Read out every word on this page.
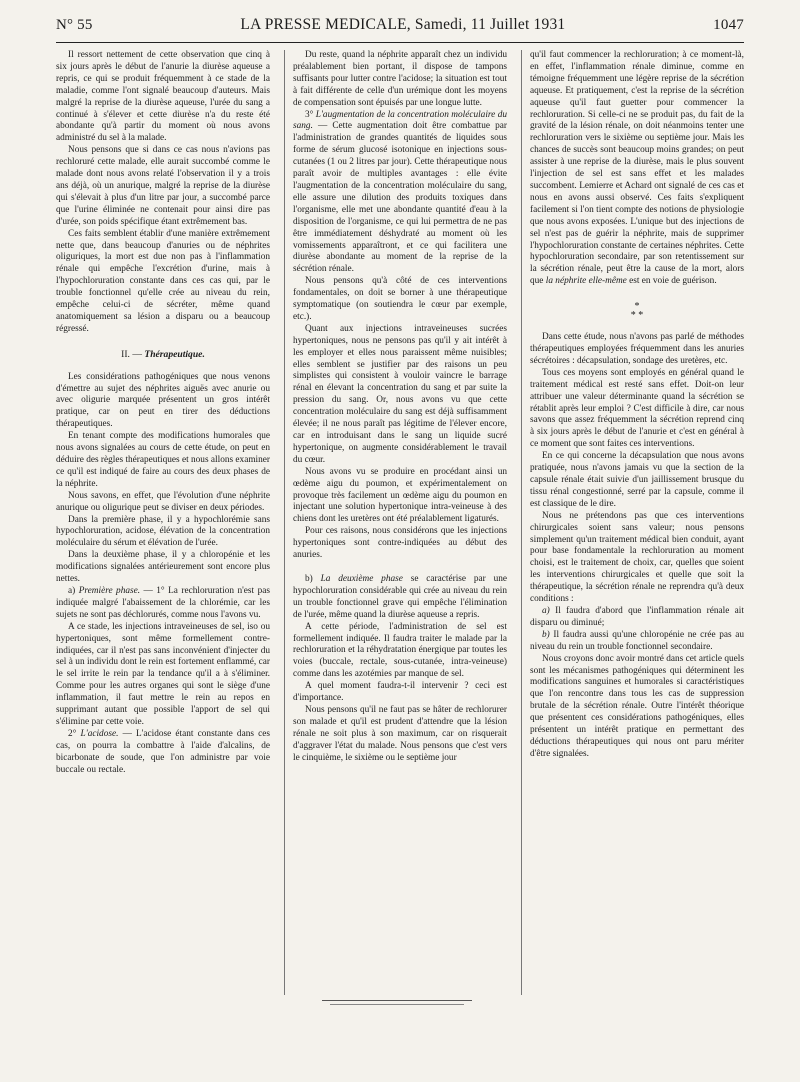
N° 55	LA PRESSE MEDICALE, Samedi, 11 Juillet 1931	1047

Il ressort nettement de cette observation que cinq à six jours après le début de l'anurie la diurèse aqueuse a repris, ce qui se produit fréquemment à ce stade de la maladie, comme l'ont signalé beaucoup d'auteurs. Mais malgré la reprise de la diurèse aqueuse, l'urée du sang a continué à s'élever et cette diurèse n'a du reste été abondante qu'à partir du moment où nous avons administré du sel à la malade.

Nous pensons que si dans ce cas nous n'avions pas rechloruré cette malade, elle aurait succombé comme le malade dont nous avons relaté l'observation il y a trois ans déjà, où un anurique, malgré la reprise de la diurèse qui s'élevait à plus d'un litre par jour, a succombé parce que l'urine éliminée ne contenait pour ainsi dire pas d'urée, son poids spécifique étant extrêmement bas.

Ces faits semblent établir d'une manière extrêmement nette que, dans beaucoup d'anuries ou de néphrites oliguriques, la mort est due non pas à l'inflammation rénale qui empêche l'excrétion d'urine, mais à l'hypochloruration constante dans ces cas qui, par le trouble fonctionnel qu'elle crée au niveau du rein, empêche celui-ci de sécréter, même quand anatomiquement sa lésion a disparu ou a beaucoup régressé.

II. — Thérapeutique.

Les considérations pathogéniques que nous venons d'émettre au sujet des néphrites aiguës avec anurie ou avec oligurie marquée présentent un gros intérêt pratique, car on peut en tirer des déductions thérapeutiques.

En tenant compte des modifications humorales que nous avons signalées au cours de cette étude, on peut en déduire des règles thérapeutiques et nous allons examiner ce qu'il est indiqué de faire au cours des deux phases de la néphrite.

Nous savons, en effet, que l'évolution d'une néphrite anurique ou oligurique peut se diviser en deux périodes.

Dans la première phase, il y a hypochlorémie sans hypochloruration, acidose, élévation de la concentration moléculaire du sérum et élévation de l'urée.

Dans la deuxième phase, il y a chloropénie et les modifications signalées antérieurement sont encore plus nettes.

a) Première phase. — 1° La rechloruration n'est pas indiquée malgré l'abaissement de la chlorémie, car les sujets ne sont pas déchlorurés, comme nous l'avons vu.

A ce stade, les injections intraveineuses de sel, iso ou hypertoniques, sont même formellement contre-indiquées, car il n'est pas sans inconvénient d'injecter du sel à un individu dont le rein est fortement enflammé, car le sel irrite le rein par la tendance qu'il a à s'éliminer. Comme pour les autres organes qui sont le siège d'une inflammation, il faut mettre le rein au repos en supprimant autant que possible l'apport de sel qui s'élimine par cette voie.

2° L'acidose. — L'acidose étant constante dans ces cas, on pourra la combattre à l'aide d'alcalins, de bicarbonate de soude, que l'on administre par voie buccale ou rectale.

Du reste, quand la néphrite apparaît chez un individu préalablement bien portant, il dispose de tampons suffisants pour lutter contre l'acidose; la situation est tout à fait différente de celle d'un urémique dont les moyens de compensation sont épuisés par une longue lutte.

3° L'augmentation de la concentration moléculaire du sang. — Cette augmentation doit être combattue par l'administration de grandes quantités de liquides sous forme de sérum glucosé isotonique en injections sous-cutanées (1 ou 2 litres par jour). Cette thérapeutique nous paraît avoir de multiples avantages : elle évite l'augmentation de la concentration moléculaire du sang, elle assure une dilution des produits toxiques dans l'organisme, elle met une abondante quantité d'eau à la disposition de l'organisme, ce qui lui permettra de ne pas être immédiatement déshydraté au moment où les vomissements apparaîtront, et ce qui facilitera une diurèse abondante au moment de la reprise de la sécrétion rénale.

Nous pensons qu'à côté de ces interventions fondamentales, on doit se borner à une thérapeutique symptomatique (on soutiendra le cœur par exemple, etc.).

Quant aux injections intraveineuses sucrées hypertoniques, nous ne pensons pas qu'il y ait intérêt à les employer et elles nous paraissent même nuisibles; elles semblent se justifier par des raisons un peu simplistes qui consistent à vouloir vaincre le barrage rénal en élevant la concentration du sang et par suite la pression du sang. Or, nous avons vu que cette concentration moléculaire du sang est déjà suffisamment élevée; il ne nous paraît pas légitime de l'élever encore, car en introduisant dans le sang un liquide sucré hypertonique, on augmente considérablement le travail du cœur.

Nous avons vu se produire en procédant ainsi un œdème aigu du poumon, et expérimentalement on provoque très facilement un œdème aigu du poumon en injectant une solution hypertonique intra-veineuse à des chiens dont les uretères ont été préalablement ligaturés.

Pour ces raisons, nous considérons que les injections hypertoniques sont contre-indiquées au début des anuries.

b) La deuxième phase se caractérise par une hypochloruration considérable qui crée au niveau du rein un trouble fonctionnel grave qui empêche l'élimination de l'urée, même quand la diurèse aqueuse a repris.

A cette période, l'administration de sel est formellement indiquée. Il faudra traiter le malade par la rechloruration et la réhydratation énergique par toutes les voies (buccale, rectale, sous-cutanée, intra-veineuse) comme dans les azotémies par manque de sel.

A quel moment faudra-t-il intervenir ? ceci est d'importance.

Nous pensons qu'il ne faut pas se hâter de rechlorurer son malade et qu'il est prudent d'attendre que la lésion rénale ne soit plus à son maximum, car on risquerait d'aggraver l'état du malade. Nous pensons que c'est vers le cinquième, le sixième ou le septième jour

qu'il faut commencer la rechloruration; à ce moment-là, en effet, l'inflammation rénale diminue, comme en témoigne fréquemment une légère reprise de la sécrétion aqueuse. Et pratiquement, c'est la reprise de la sécrétion aqueuse qu'il faut guetter pour commencer la rechloruration. Si celle-ci ne se produit pas, du fait de la gravité de la lésion rénale, on doit néanmoins tenter une rechloruration vers le sixième ou septième jour. Mais les chances de succès sont beaucoup moins grandes; on peut assister à une reprise de la diurèse, mais le plus souvent l'injection de sel est sans effet et les malades succombent. Lemierre et Achard ont signalé de ces cas et nous en avons aussi observé. Ces faits s'expliquent facilement si l'on tient compte des notions de physiologie que nous avons exposées. L'unique but des injections de sel n'est pas de guérir la néphrite, mais de supprimer l'hypochloruration constante de certaines néphrites. Cette hypochloruration secondaire, par son retentissement sur la sécrétion rénale, peut être la cause de la mort, alors que la néphrite elle-même est en voie de guérison.

*
* *

Dans cette étude, nous n'avons pas parlé de méthodes thérapeutiques employées fréquemment dans les anuries sécrétoires : décapsulation, sondage des uretères, etc.

Tous ces moyens sont employés en général quand le traitement médical est resté sans effet. Doit-on leur attribuer une valeur déterminante quand la sécrétion se rétablit après leur emploi ? C'est difficile à dire, car nous savons que assez fréquemment la sécrétion reprend cinq à six jours après le début de l'anurie et c'est en général à ce moment que sont faites ces interventions.

En ce qui concerne la décapsulation que nous avons pratiquée, nous n'avons jamais vu que la section de la capsule rénale était suivie d'un jaillissement brusque du tissu rénal congestionné, serré par la capsule, comme il est classique de le dire.

Nous ne prétendons pas que ces interventions chirurgicales soient sans valeur; nous pensons simplement qu'un traitement médical bien conduit, ayant pour base fondamentale la rechloruration au moment choisi, est le traitement de choix, car, quelles que soient les interventions chirurgicales et quelle que soit la thérapeutique, la sécrétion rénale ne reprendra qu'à deux conditions :

a) Il faudra d'abord que l'inflammation rénale ait disparu ou diminué;

b) Il faudra aussi qu'une chloropénie ne crée pas au niveau du rein un trouble fonctionnel secondaire.

Nous croyons donc avoir montré dans cet article quels sont les mécanismes pathogéniques qui déterminent les modifications sanguines et humorales si caractéristiques que l'on rencontre dans tous les cas de suppression brutale de la sécrétion rénale. Outre l'intérêt théorique que présentent ces considérations pathogéniques, elles présentent un intérêt pratique en permettant des déductions thérapeutiques qui nous ont paru mériter d'être signalées.
